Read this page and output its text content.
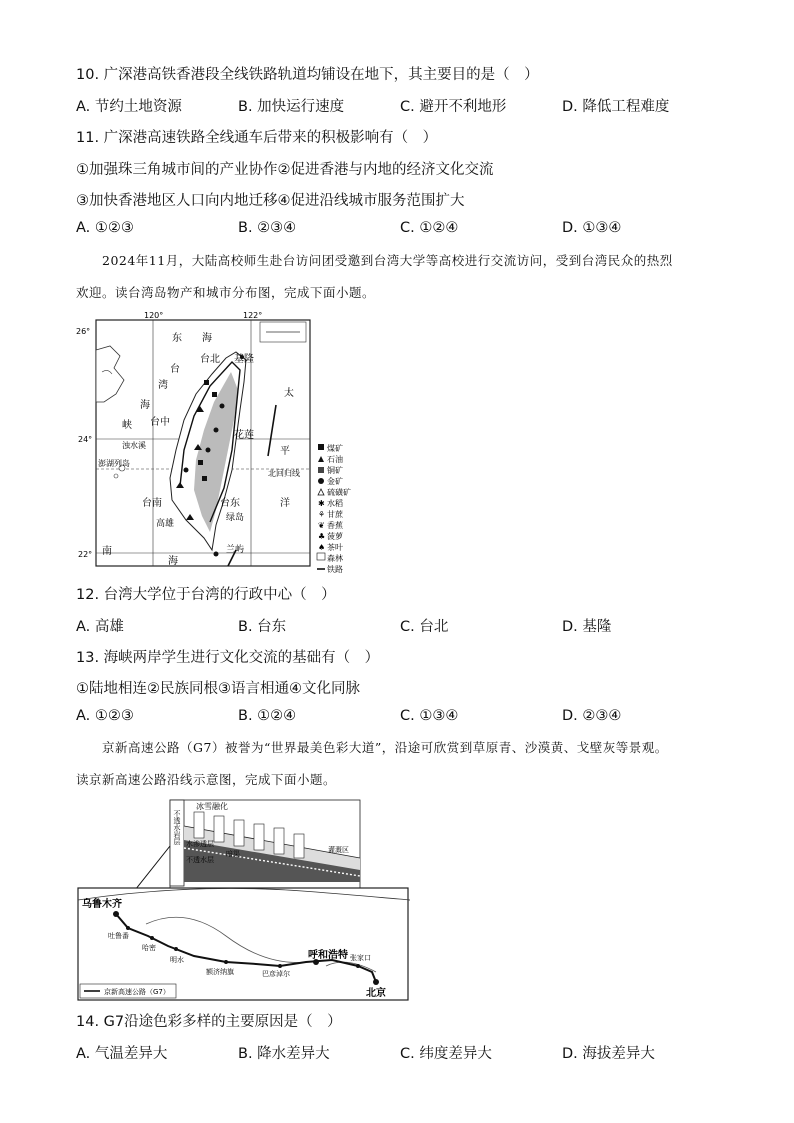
10. 广深港高铁香港段全线铁路轨道均铺设在地下，其主要目的是（　）
A. 节约土地资源	B. 加快运行速度	C. 避开不利地形	D. 降低工程难度
11. 广深港高速铁路全线通车后带来的积极影响有（　）
①加强珠三角城市间的产业协作②促进香港与内地的经济文化交流
③加快香港地区人口向内地迁移④促进沿线城市服务范围扩大
A. ①②③	B. ②③④	C. ①②④	D. ①③④
2024年11月，大陆高校师生赴台访问团受邀到台湾大学等高校进行交流访问，受到台湾民众的热烈
欢迎。读台湾岛物产和城市分布图，完成下面小题。
26°
24°
22°
120°	122°
东 海
台
湾
海
峡
台北 基隆
台中
花莲
浊水溪
澎湖列岛
台南
高雄
台东
绿岛
兰屿
太
平
洋
北回归线
南
海
煤矿
石油
铜矿
金矿
硫磺矿
✱ 水稻
⚘ 甘蔗
❦ 香蕉
♣ 菠萝
♠ 茶叶
森林
铁路
12. 台湾大学位于台湾的行政中心（　）
A. 高雄	B. 台东	C. 台北	D. 基隆
13. 海峡两岸学生进行文化交流的基础有（　）
①陆地相连②民族同根③语言相通④文化同脉
A. ①②③	B. ①②④	C. ①③④	D. ②③④
京新高速公路（G7）被誉为“世界最美色彩大道”，沿途可欣赏到草原青、沙漠黄、戈壁灰等景观。
读京新高速公路沿线示意图，完成下面小题。
不透水岩层
冰雪融化
水渗透层
不透水层
暗渠	灌溉区
乌鲁木齐
吐鲁番
哈密
明水
额济纳旗	巴彦淖尔
呼和浩特 张家口
北京
京新高速公路（G7）
14. G7沿途色彩多样的主要原因是（　）
A. 气温差异大	B. 降水差异大	C. 纬度差异大	D. 海拔差异大
